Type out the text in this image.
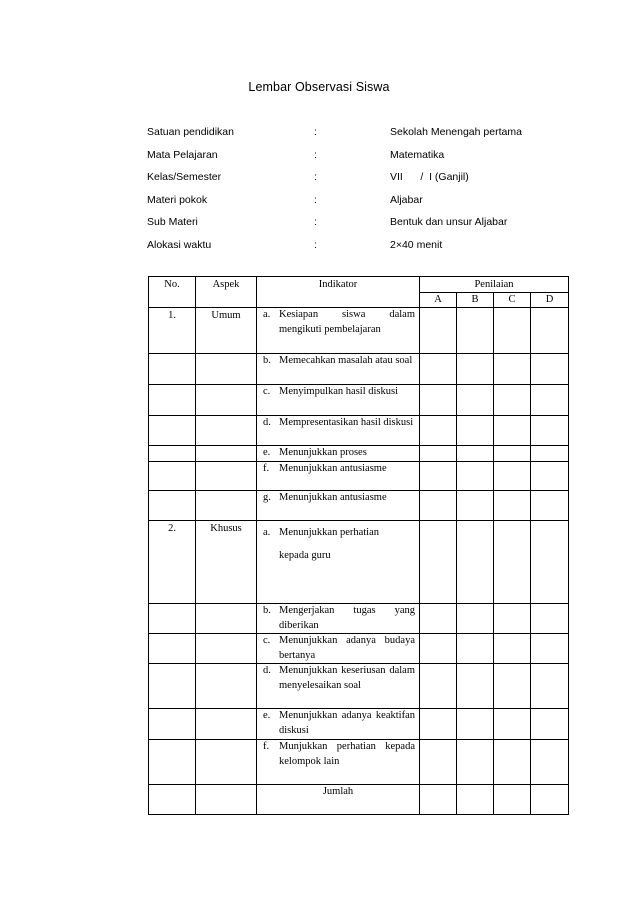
Lembar Observasi Siswa
Satuan pendidikan	:	Sekolah Menengah pertama
Mata Pelajaran	:	Matematika
Kelas/Semester	:	VII      /  I (Ganjil)
Materi pokok	:	Aljabar
Sub Materi	:	Bentuk dan unsur Aljabar
Alokasi waktu	:	2×40 menit
No.	Aspek	Indikator	Penilaian			
			A	B	C	D
1.	Umum	a. Kesiapan siswa dalam mengikuti pembelajaran				

		b. Memecahkan masalah atau soal				

		c. Menyimpulkan hasil diskusi				

		d. Mempresentasikan hasil diskusi				

		e. Menunjukkan proses				

		f. Menunjukkan antusiasme				

		g. Menunjukkan antusiasme				

2.	Khusus	a. Menunjukkan perhatian kepada guru				

		b. Mengerjakan tugas yang diberikan				

		c. Menunjukkan adanya budaya bertanya				

		d. Menunjukkan keseriusan dalam menyelesaikan soal				

		e. Menunjukkan adanya keaktifan diskusi				

		f. Munjukkan perhatian kepada kelompok lain				

		Jumlah				
